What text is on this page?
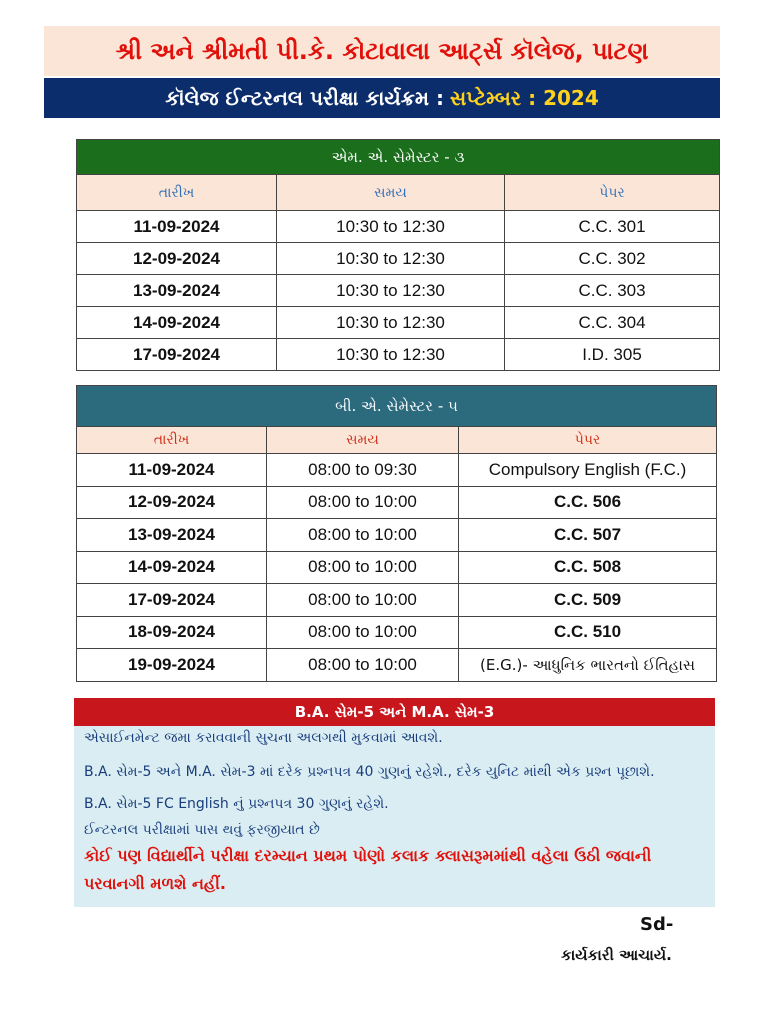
શ્રી અને શ્રીમતી પી.કે. કોટાવાલા આર્ટ્સ કૉલેજ, પાટણ
કૉલેજ ઈન્ટરનલ પરીક્ષા કાર્યક્રમ : સપ્ટેમ્બર : 2024
એમ. એ. સેમેસ્ટર - ૩		
તારીખ	સમય	પેપર
11-09-2024	10:30 to 12:30	C.C. 301
12-09-2024	10:30 to 12:30	C.C. 302
13-09-2024	10:30 to 12:30	C.C. 303
14-09-2024	10:30 to 12:30	C.C. 304
17-09-2024	10:30 to 12:30	I.D. 305
બી. એ. સેમેસ્ટર - ૫		
તારીખ	સમય	પેપર
11-09-2024	08:00 to 09:30	Compulsory English (F.C.)
12-09-2024	08:00 to 10:00	C.C. 506
13-09-2024	08:00 to 10:00	C.C. 507
14-09-2024	08:00 to 10:00	C.C. 508
17-09-2024	08:00 to 10:00	C.C. 509
18-09-2024	08:00 to 10:00	C.C. 510
19-09-2024	08:00 to 10:00	(E.G.)- આધુનિક ભારતનો ઈતિહાસ
B.A. સેમ-5 અને M.A. સેમ-3
એસાઈનમેન્ટ જમા કરાવવાની સુચના અલગથી મુકવામાં આવશે.
B.A. સેમ-5 અને M.A. સેમ-3 માં દરેક પ્રશ્નપત્ર 40 ગુણનું રહેશે., દરેક યુનિટ માંથી એક પ્રશ્ન પૂછાશે.
B.A. સેમ-5 FC English નું પ્રશ્નપત્ર 30 ગુણનું રહેશે.
ઈન્ટરનલ પરીક્ષામાં પાસ થવું ફરજીયાત છે
કોઈ પણ વિદ્યાર્થીને પરીક્ષા દરમ્યાન પ્રથમ પોણો કલાક ક્લાસરૂમમાંથી વહેલા ઉઠી જવાની
પરવાનગી મળશે નહીં.
Sd-
કાર્યકારી આચાર્ય.
